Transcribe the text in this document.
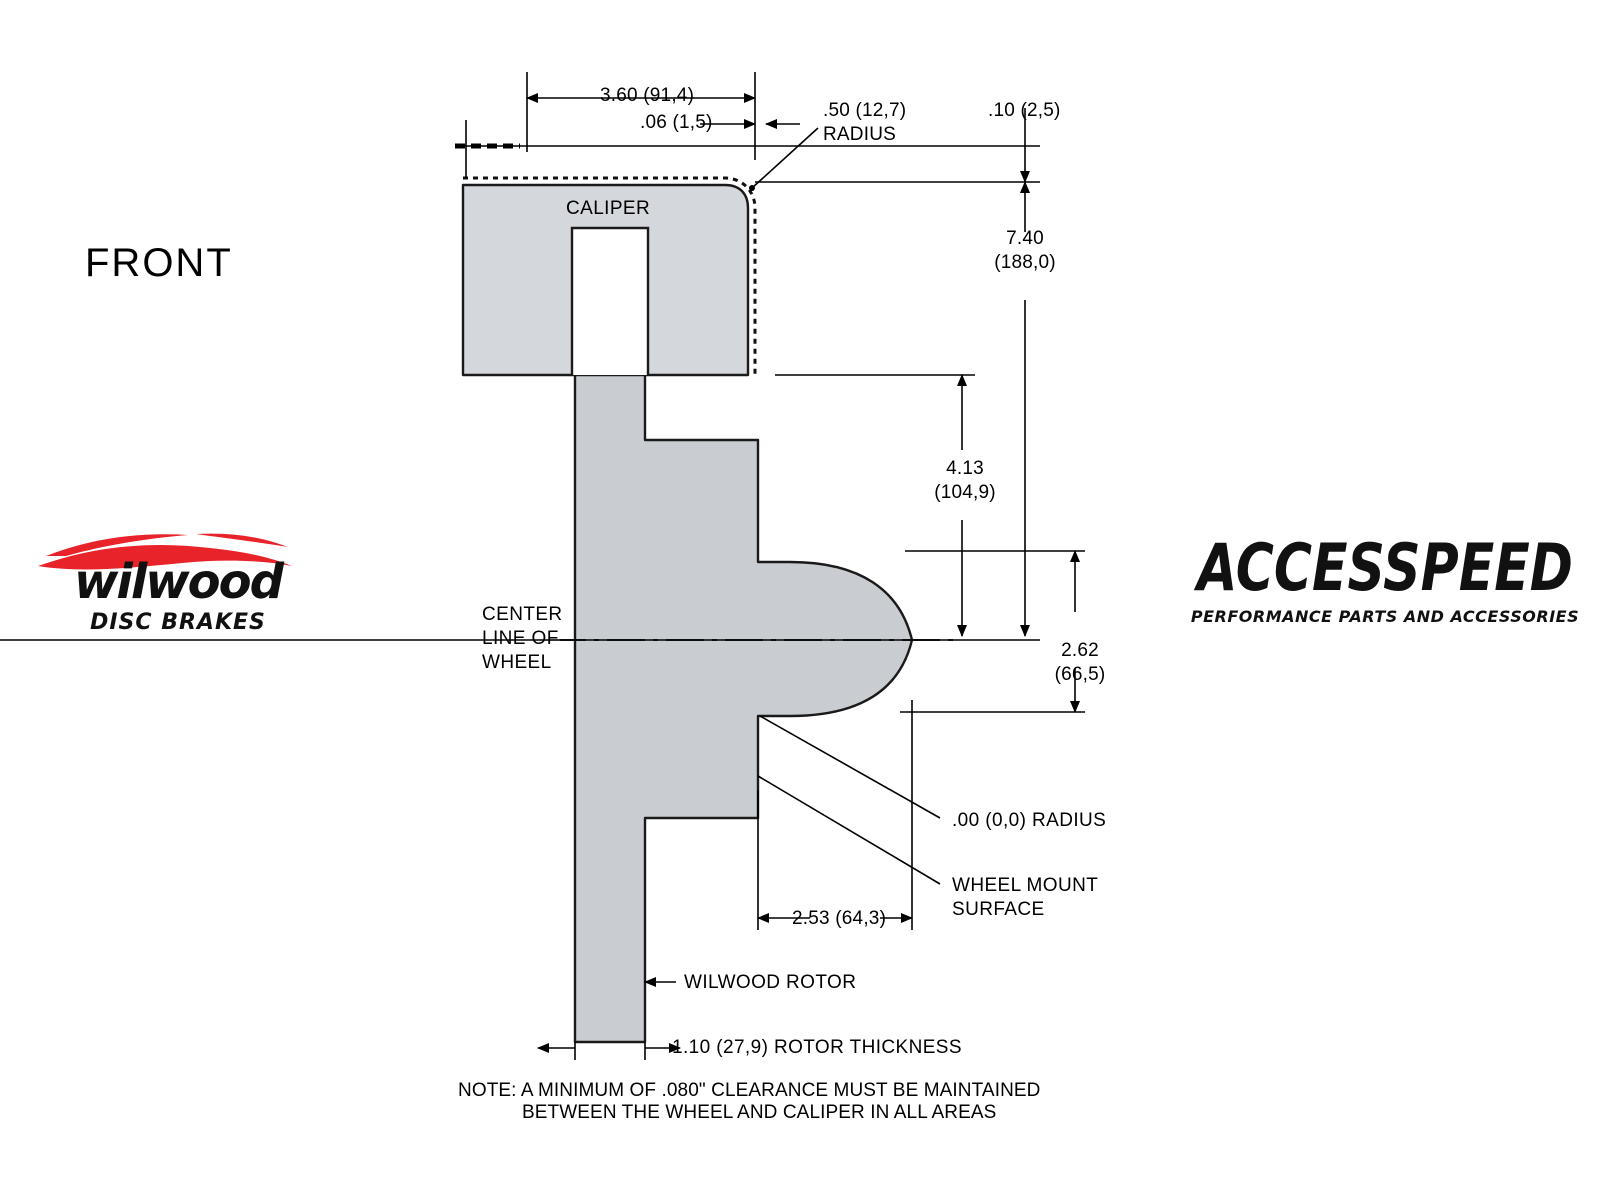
FRONT
CALIPER
3.60 (91,4)
.06 (1,5)
.50 (12,7)
RADIUS
.10 (2,5)
7.40
(188,0)
4.13
(104,9)
2.62
(66,5)
CENTER
LINE OF
WHEEL
.00 (0,0) RADIUS
WHEEL MOUNT
SURFACE
2.53 (64,3)
WILWOOD ROTOR
1.10 (27,9) ROTOR THICKNESS
NOTE: A MINIMUM OF .080" CLEARANCE MUST BE MAINTAINED
BETWEEN THE WHEEL AND CALIPER IN ALL AREAS
wilwood
DISC BRAKES
ACCESSPEED
PERFORMANCE PARTS AND ACCESSORIES
